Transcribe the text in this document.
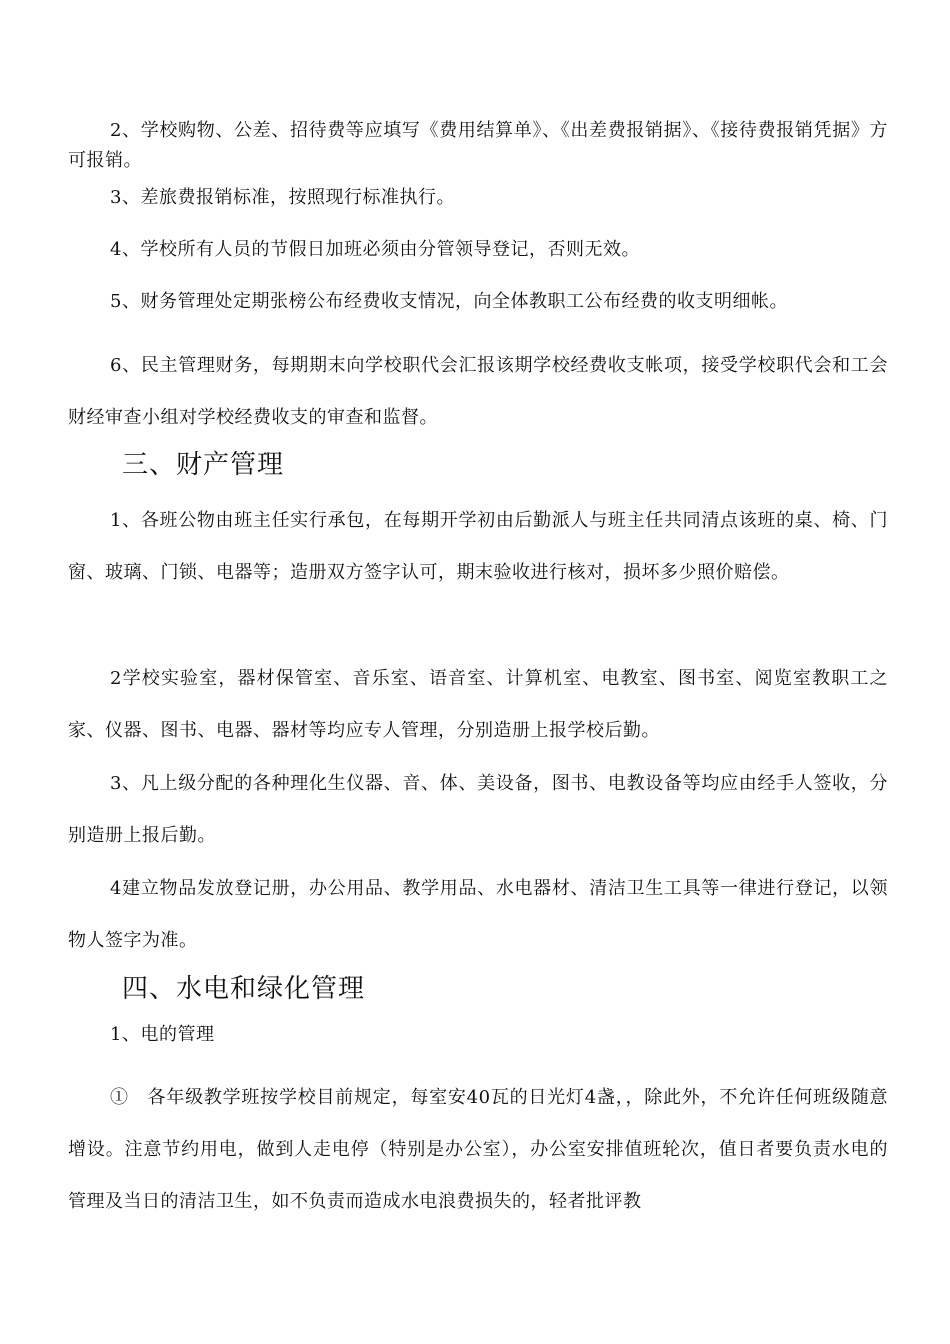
2、学校购物、公差、招待费等应填写《费用结算单》、《出差费报销据》、《接待费报销凭据》方可报销。

3、差旅费报销标准，按照现行标准执行。

4、学校所有人员的节假日加班必须由分管领导登记，否则无效。

5、财务管理处定期张榜公布经费收支情况，向全体教职工公布经费的收支明细帐。

6、民主管理财务，每期期末向学校职代会汇报该期学校经费收支帐项，接受学校职代会和工会财经审查小组对学校经费收支的审查和监督。

三、财产管理

1、各班公物由班主任实行承包，在每期开学初由后勤派人与班主任共同清点该班的桌、椅、门窗、玻璃、门锁、电器等；造册双方签字认可，期末验收进行核对，损坏多少照价赔偿。

2学校实验室，器材保管室、音乐室、语音室、计算机室、电教室、图书室、阅览室教职工之家、仪器、图书、电器、器材等均应专人管理，分别造册上报学校后勤。

3、凡上级分配的各种理化生仪器、音、体、美设备，图书、电教设备等均应由经手人签收，分别造册上报后勤。

4建立物品发放登记册，办公用品、教学用品、水电器材、清洁卫生工具等一律进行登记，以领物人签字为准。

四、水电和绿化管理

1、电的管理

①　各年级教学班按学校目前规定，每室安40瓦的日光灯4盏，，除此外，不允许任何班级随意增设。注意节约用电，做到人走电停（特别是办公室），办公室安排值班轮次，值日者要负责水电的管理及当日的清洁卫生，如不负责而造成水电浪费损失的，轻者批评教
